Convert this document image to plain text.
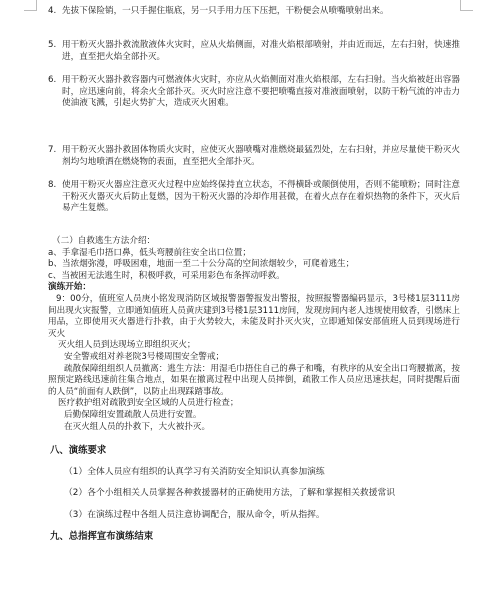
4. 先拔下保险销，一只手握住瓶底，另一只手用力压下压把，干粉便会从喷嘴喷射出来。
5. 用干粉灭火器扑救流散液体火灾时，应从火焰侧面，对准火焰根部喷射，并由近而远，左右扫射，快速推进，直至把火焰全部扑灭。
6. 用干粉灭火器扑救容器内可燃液体火灾时，亦应从火焰侧面对准火焰根部，左右扫射。当火焰被赶出容器时，应迅速向前，将余火全部扑灭。灭火时应注意不要把喷嘴直接对准液面喷射，以防干粉气流的冲击力使油液飞溅，引起火势扩大，造成灭火困难。
7. 用干粉灭火器扑救固体物质火灾时，应使灭火器喷嘴对准燃烧最猛烈处，左右扫射，并应尽量使干粉灭火剂均匀地喷洒在燃烧物的表面，直至把火全部扑灭。
8. 使用干粉灭火器应注意灭火过程中应始终保持直立状态，不得横卧或颠倒使用，否则不能喷粉；同时注意干粉灭火器灭火后防止复燃，因为干粉灭火器的冷却作用甚微，在着火点存在着炽热物的条件下，灭火后易产生复燃。

（二）自救逃生方法介绍：

a、手拿湿毛巾捂口鼻，低头弯腰前往安全出口位置；

b、当浓烟弥漫，呼吸困难，地面一至二十公分高的空间浓烟较少，可爬着逃生；

c、当被困无法逃生时，积极呼救，可采用彩色布条挥动呼救。

演练开始：

9：00分，值班室人员庚小铭发现消防区域报警器警报发出警报，按照报警器编码显示，3号楼1层3111房间出现火灾报警，立即通知值班人员黄庆建到3号楼1层3111房间，发现房间内老人违规使用蚊香，引燃床上用品，立即使用灭火器进行扑救，由于火势较大，未能及时扑灭火灾，立即通知保安部值班人员到现场进行灭火

灭火组人员到达现场立即组织灭火；

安全警戒组对养老院3号楼周围安全警戒；

疏散保障组组织人员撤离：逃生方法：用湿毛巾捂住自己的鼻子和嘴，有秩序的从安全出口弯腰撤离，按照预定路线迅速前往集合地点，如果在撤离过程中出现人员摔倒，疏散工作人员应迅速扶起，同时提醒后面的人员“前面有人跌倒”，以防止出现踩踏事故。

医疗救护组对疏散到安全区域的人员进行检查；

后勤保障组安置疏散人员进行安置。

在灭火组人员的扑救下，大火被扑灭。

八、演练要求

（1）全体人员应有组织的认真学习有关消防安全知识认真参加演练

（2）各个小组相关人员掌握各种救援器材的正确使用方法，了解和掌握相关救援常识

（3）在演练过程中各组人员注意协调配合，服从命令，听从指挥。

九、总指挥宣布演练结束
